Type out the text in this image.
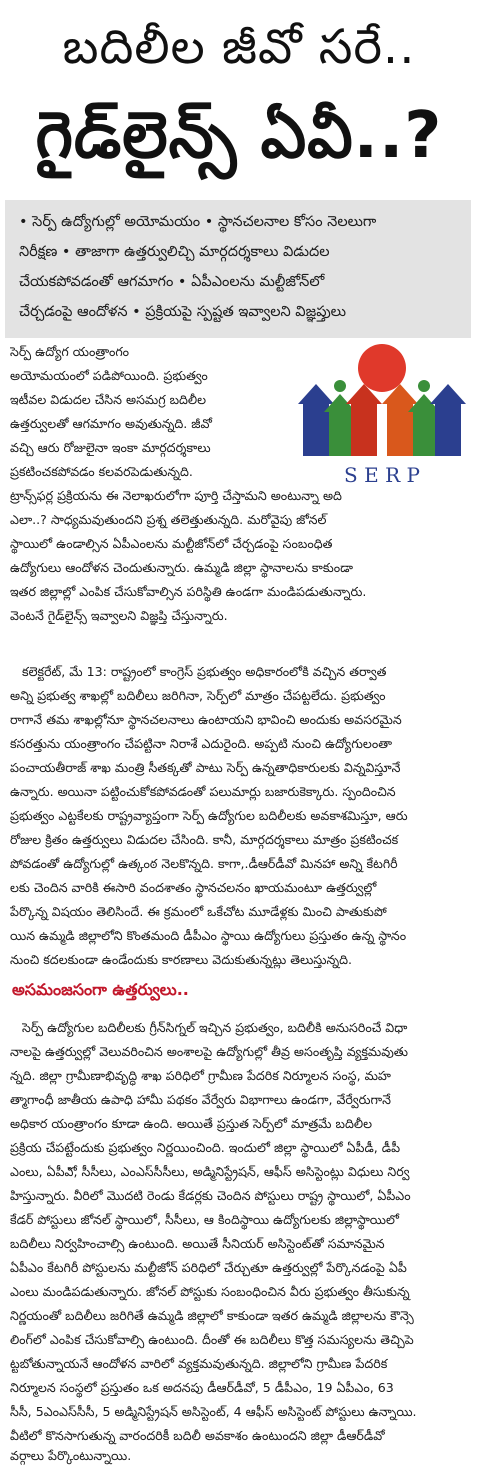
బదిలీల జీవో సరే..
గైడ్‌లైన్స్ ఏవీ..?
• సెర్ప్ ఉద్యోగుల్లో అయోమయం • స్థానచలనాల కోసం నెలలుగా
నిరీక్షణ • తాజాగా ఉత్తర్వులిచ్చి మార్గదర్శకాలు విడుదల
చేయకపోవడంతో ఆగమాగం • ఏపీఎంలను మల్టీజోన్‌లో
చేర్చడంపై ఆందోళన • ప్రక్రియపై స్పష్టత ఇవ్వాలని విజ్ఞప్తులు
S E R P
సెర్ప్ ఉద్యోగ యంత్రాంగం
అయోమయంలో పడిపోయింది. ప్రభుత్వం
ఇటీవల విడుదల చేసిన అసమగ్ర బదిలీల
ఉత్తర్వులతో ఆగమాగం అవుతున్నది. జీవో
వచ్చి ఆరు రోజులైనా ఇంకా మార్గదర్శకాలు
ప్రకటించకపోవడం కలవరపెడుతున్నది.
ట్రాన్స్‌ఫర్ల ప్రక్రియను ఈ నెలాఖరులోగా పూర్తి చేస్తామని అంటున్నా అది
ఎలా..? సాధ్యమవుతుందని ప్రశ్న తలెత్తుతున్నది. మరోవైపు జోనల్
స్థాయిలో ఉండాల్సిన ఏపీఎంలను మల్టీజోన్‌లో చేర్చడంపై సంబంధిత
ఉద్యోగులు ఆందోళన చెందుతున్నారు. ఉమ్మడి జిల్లా స్థానాలను కాకుండా
ఇతర జిల్లాల్లో ఎంపిక చేసుకోవాల్సిన పరిస్థితి ఉండగా మండిపడుతున్నారు.
వెంటనే గైడ్‌లైన్స్ ఇవ్వాలని విజ్ఞప్తి చేస్తున్నారు.
కలెక్టరేట్, మే 13: రాష్ట్రంలో కాంగ్రెస్ ప్రభుత్వం అధికారంలోకి వచ్చిన తర్వాత
అన్ని ప్రభుత్వ శాఖల్లో బదిలీలు జరిగినా, సెర్ప్‌లో మాత్రం చేపట్టలేదు. ప్రభుత్వం
రాగానే తమ శాఖల్లోనూ స్థానచలనాలు ఉంటాయని భావించి అందుకు అవసరమైన
కసరత్తును యంత్రాంగం చేపట్టినా నిరాశే ఎదురైంది. అప్పటి నుంచి ఉద్యోగులంతా
పంచాయతీరాజ్ శాఖ మంత్రి సీతక్కతో పాటు సెర్ప్ ఉన్నతాధికారులకు విన్నవిస్తూనే
ఉన్నారు. అయినా పట్టించుకోకపోవడంతో పలుమార్లు బజారుకెక్కారు. స్పందించిన
ప్రభుత్వం ఎట్టకేలకు రాష్ట్రవ్యాప్తంగా సెర్ప్ ఉద్యోగుల బదిలీలకు అవకాశమిస్తూ, ఆరు
రోజుల క్రితం ఉత్తర్వులు విడుదల చేసింది. కానీ, మార్గదర్శకాలు మాత్రం ప్రకటించక
పోవడంతో ఉద్యోగుల్లో ఉత్కంఠ నెలకొన్నది. కాగా,.డీఆర్‌డీవో మినహా అన్ని కేటగిరీ
లకు చెందిన వారికి ఈసారి వందశాతం స్థానచలనం ఖాయమంటూ ఉత్తర్వుల్లో
పేర్కొన్న విషయం తెలిసిందే. ఈ క్రమంలో ఒకేచోట మూడేళ్లకు మించి పాతుకుపో
యిన ఉమ్మడి జిల్లాలోని కొంతమంది డీపీఎం స్థాయి ఉద్యోగులు ప్రస్తుతం ఉన్న స్థానం
నుంచి కదలకుండా ఉండేందుకు కారణాలు వెదుకుతున్నట్లు తెలుస్తున్నది.
అసమంజసంగా ఉత్తర్వులు..
సెర్ప్ ఉద్యోగుల బదిలీలకు గ్రీన్‌సిగ్నల్ ఇచ్చిన ప్రభుత్వం, బదిలీకి అనుసరించే విధా
నాలపై ఉత్తర్వుల్లో వెలువరించిన అంశాలపై ఉద్యోగుల్లో తీవ్ర అసంతృప్తి వ్యక్తమవుతు
న్నది. జిల్లా గ్రామీణాభివృద్ధి శాఖ పరిధిలో గ్రామీణ పేదరిక నిర్మూలన సంస్థ, మహ
త్మాగాంధీ జాతీయ ఉపాధి హామీ పథకం వేర్వేరు విభాగాలు ఉండగా, వేర్వేరుగానే
అధికార యంత్రాంగం కూడా ఉంది. అయితే ప్రస్తుత సెర్ప్‌లో మాత్రమే బదిలీల
ప్రక్రియ చేపట్టేందుకు ప్రభుత్వం నిర్ణయించింది. ఇందులో జిల్లా స్థాయిలో ఏపీడీ, డీపీ
ఎంలు, ఏపీఎో, సీసీలు, ఎంఎస్‌సీసీలు, అడ్మినిస్ట్రేషన్, ఆఫీస్ అసిస్టెంట్లు విధులు నిర్వ
హిస్తున్నారు. వీరిలో మొదటి రెండు కేడర్లకు చెందిన పోస్టులు రాష్ట్ర స్థాయిలో, ఏపీఎం
కేడర్ పోస్టులు జోనల్ స్థాయిలో, సీసీలు, ఆ కిందిస్థాయి ఉద్యోగులకు జిల్లాస్థాయిలో
బదిలీలు నిర్వహించాల్సి ఉంటుంది. అయితే సీనియర్ అసిస్టెంట్‌తో సమానమైన
ఏపీఎం కేటగిరీ పోస్టులను మల్టీజోన్ పరిధిలో చేర్చుతూ ఉత్తర్వుల్లో పేర్కొనడంపై ఏపీ
ఎంలు మండిపడుతున్నారు. జోనల్ పోస్టుకు సంబంధించిన వీరు ప్రభుత్వం తీసుకున్న
నిర్ణయంతో బదిలీలు జరిగితే ఉమ్మడి జిల్లాలో కాకుండా ఇతర ఉమ్మడి జిల్లాలను కౌన్సె
లింగ్‌లో ఎంపిక చేసుకోవాల్సి ఉంటుంది. దీంతో ఈ బదిలీలు కొత్త సమస్యలను తెచ్చిపె
ట్టబోతున్నాయనే ఆందోళన వారిలో వ్యక్తమవుతున్నది. జిల్లాలోని గ్రామీణ పేదరిక
నిర్మూలన సంస్థలో ప్రస్తుతం ఒక అదనపు డీఆర్‌డీవో, 5 డీపీఎం, 19 ఏపీఎం, 63
సీసీ, 5ఎంఎస్‌సీసీ, 5 అడ్మినిస్ట్రేషన్ అసిస్టెంట్, 4 ఆఫీస్ అసిస్టెంట్ పోస్టులు ఉన్నాయి.
వీటిలో కొనసాగుతున్న వారందరికీ బదిలీ అవకాశం ఉంటుందని జిల్లా డీఆర్‌డీవో
వర్గాలు పేర్కొంటున్నాయి.
